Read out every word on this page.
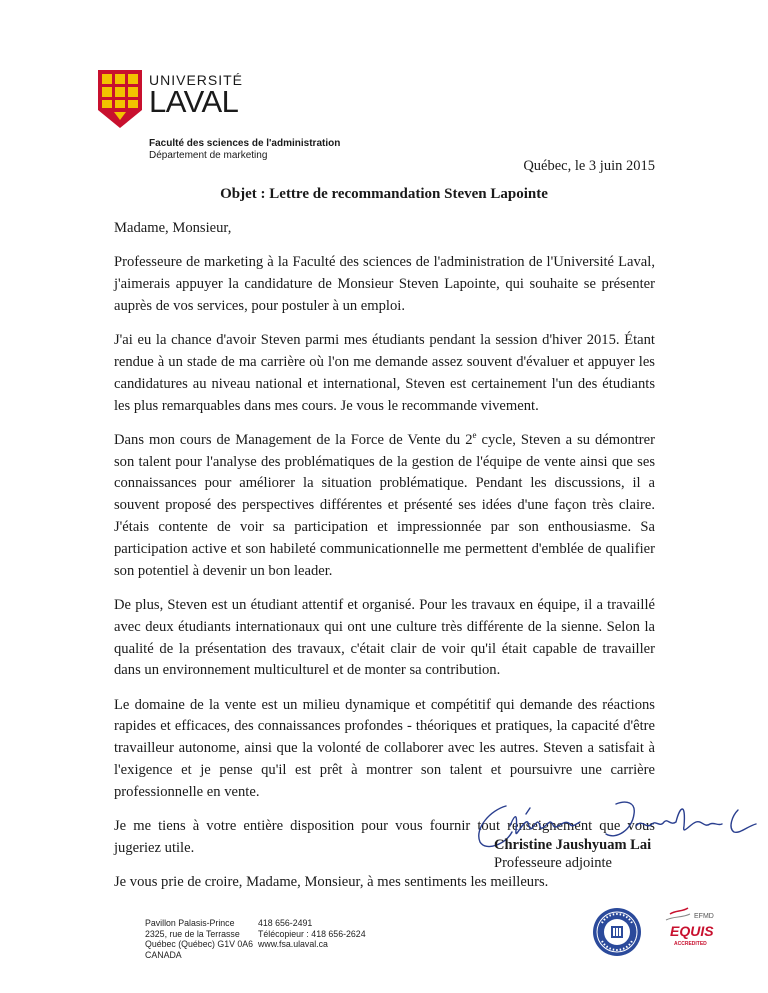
UNIVERSITÉ
LAVAL
Faculté des sciences de l'administration
Département de marketing
Québec, le 3 juin 2015
Objet : Lettre de recommandation Steven Lapointe

Madame, Monsieur,

Professeure de marketing à la Faculté des sciences de l'administration de l'Université Laval, j'aimerais appuyer la candidature de Monsieur Steven Lapointe, qui souhaite se présenter auprès de vos services, pour postuler à un emploi.

J'ai eu la chance d'avoir Steven parmi mes étudiants pendant la session d'hiver 2015. Étant rendue à un stade de ma carrière où l'on me demande assez souvent d'évaluer et appuyer les candidatures au niveau national et international, Steven est certainement l'un des étudiants les plus remarquables dans mes cours. Je vous le recommande vivement.

Dans mon cours de Management de la Force de Vente du 2e cycle, Steven a su démontrer son talent pour l'analyse des problématiques de la gestion de l'équipe de vente ainsi que ses connaissances pour améliorer la situation problématique. Pendant les discussions, il a souvent proposé des perspectives différentes et présenté ses idées d'une façon très claire. J'étais contente de voir sa participation et impressionnée par son enthousiasme. Sa participation active et son habileté communicationnelle me permettent d'emblée de qualifier son potentiel à devenir un bon leader.

De plus, Steven est un étudiant attentif et organisé. Pour les travaux en équipe, il a travaillé avec deux étudiants internationaux qui ont une culture très différente de la sienne. Selon la qualité de la présentation des travaux, c'était clair de voir qu'il était capable de travailler dans un environnement multiculturel et de monter sa contribution.

Le domaine de la vente est un milieu dynamique et compétitif qui demande des réactions rapides et efficaces, des connaissances profondes - théoriques et pratiques, la capacité d'être travailleur autonome, ainsi que la volonté de collaborer avec les autres. Steven a satisfait à l'exigence et je pense qu'il est prêt à montrer son talent et poursuivre une carrière professionnelle en vente.

Je me tiens à votre entière disposition pour vous fournir tout renseignement que vous jugeriez utile.

Je vous prie de croire, Madame, Monsieur, à mes sentiments les meilleurs.

Christine Jaushyuam Lai
Professeure adjointe
Pavillon Palasis-Prince
2325, rue de la Terrasse
Québec (Québec) G1V 0A6
CANADA
418 656-2491
Télécopieur : 418 656-2624
www.fsa.ulaval.ca
EFMD
EQUIS
ACCREDITED
